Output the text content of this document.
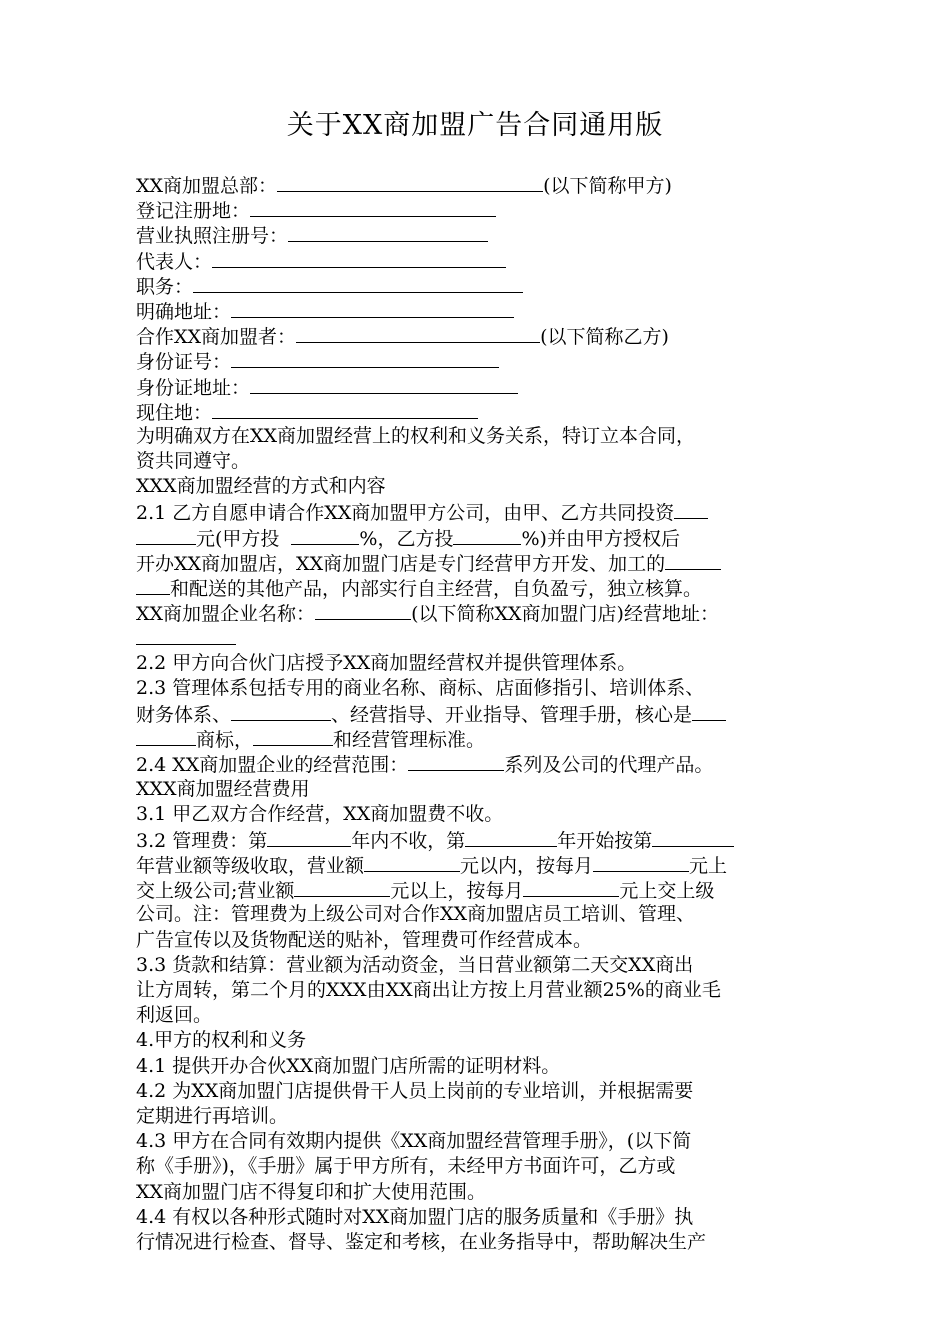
关于XX商加盟广告合同通用版
XX商加盟总部：	(以下简称甲方)
登记注册地：
营业执照注册号：
代表人：
职务：
明确地址：
合作XX商加盟者：	(以下简称乙方)
身份证号：
身份证地址：
现住地：
为明确双方在XX商加盟经营上的权利和义务关系，特订立本合同，
资共同遵守。
XXX商加盟经营的方式和内容
2.1 乙方自愿申请合作XX商加盟甲方公司，由甲、乙方共同投资
元(甲方投	%，乙方投	%)并由甲方授权后
开办XX商加盟店，XX商加盟门店是专门经营甲方开发、加工的
和配送的其他产品，内部实行自主经营，自负盈亏，独立核算。
XX商加盟企业名称：	(以下简称XX商加盟门店)经营地址：
2.2 甲方向合伙门店授予XX商加盟经营权并提供管理体系。
2.3 管理体系包括专用的商业名称、商标、店面修指引、培训体系、
财务体系、	、经营指导、开业指导、管理手册，核心是
商标，	和经营管理标准。
2.4 XX商加盟企业的经营范围：	系列及公司的代理产品。
XXX商加盟经营费用
3.1 甲乙双方合作经营，XX商加盟费不收。
3.2 管理费：第	年内不收，第	年开始按第
年营业额等级收取，营业额	元以内，按每月	元上
交上级公司;营业额	元以上，按每月	元上交上级
公司。注：管理费为上级公司对合作XX商加盟店员工培训、管理、
广告宣传以及货物配送的贴补，管理费可作经营成本。
3.3 货款和结算：营业额为活动资金，当日营业额第二天交XX商出
让方周转，第二个月的XXX由XX商出让方按上月营业额25%的商业毛
利返回。
4.甲方的权利和义务
4.1 提供开办合伙XX商加盟门店所需的证明材料。
4.2 为XX商加盟门店提供骨干人员上岗前的专业培训，并根据需要
定期进行再培训。
4.3 甲方在合同有效期内提供《XX商加盟经营管理手册》，(以下简
称《手册》)，《手册》属于甲方所有，未经甲方书面许可，乙方或
XX商加盟门店不得复印和扩大使用范围。
4.4 有权以各种形式随时对XX商加盟门店的服务质量和《手册》执
行情况进行检查、督导、鉴定和考核，在业务指导中，帮助解决生产
